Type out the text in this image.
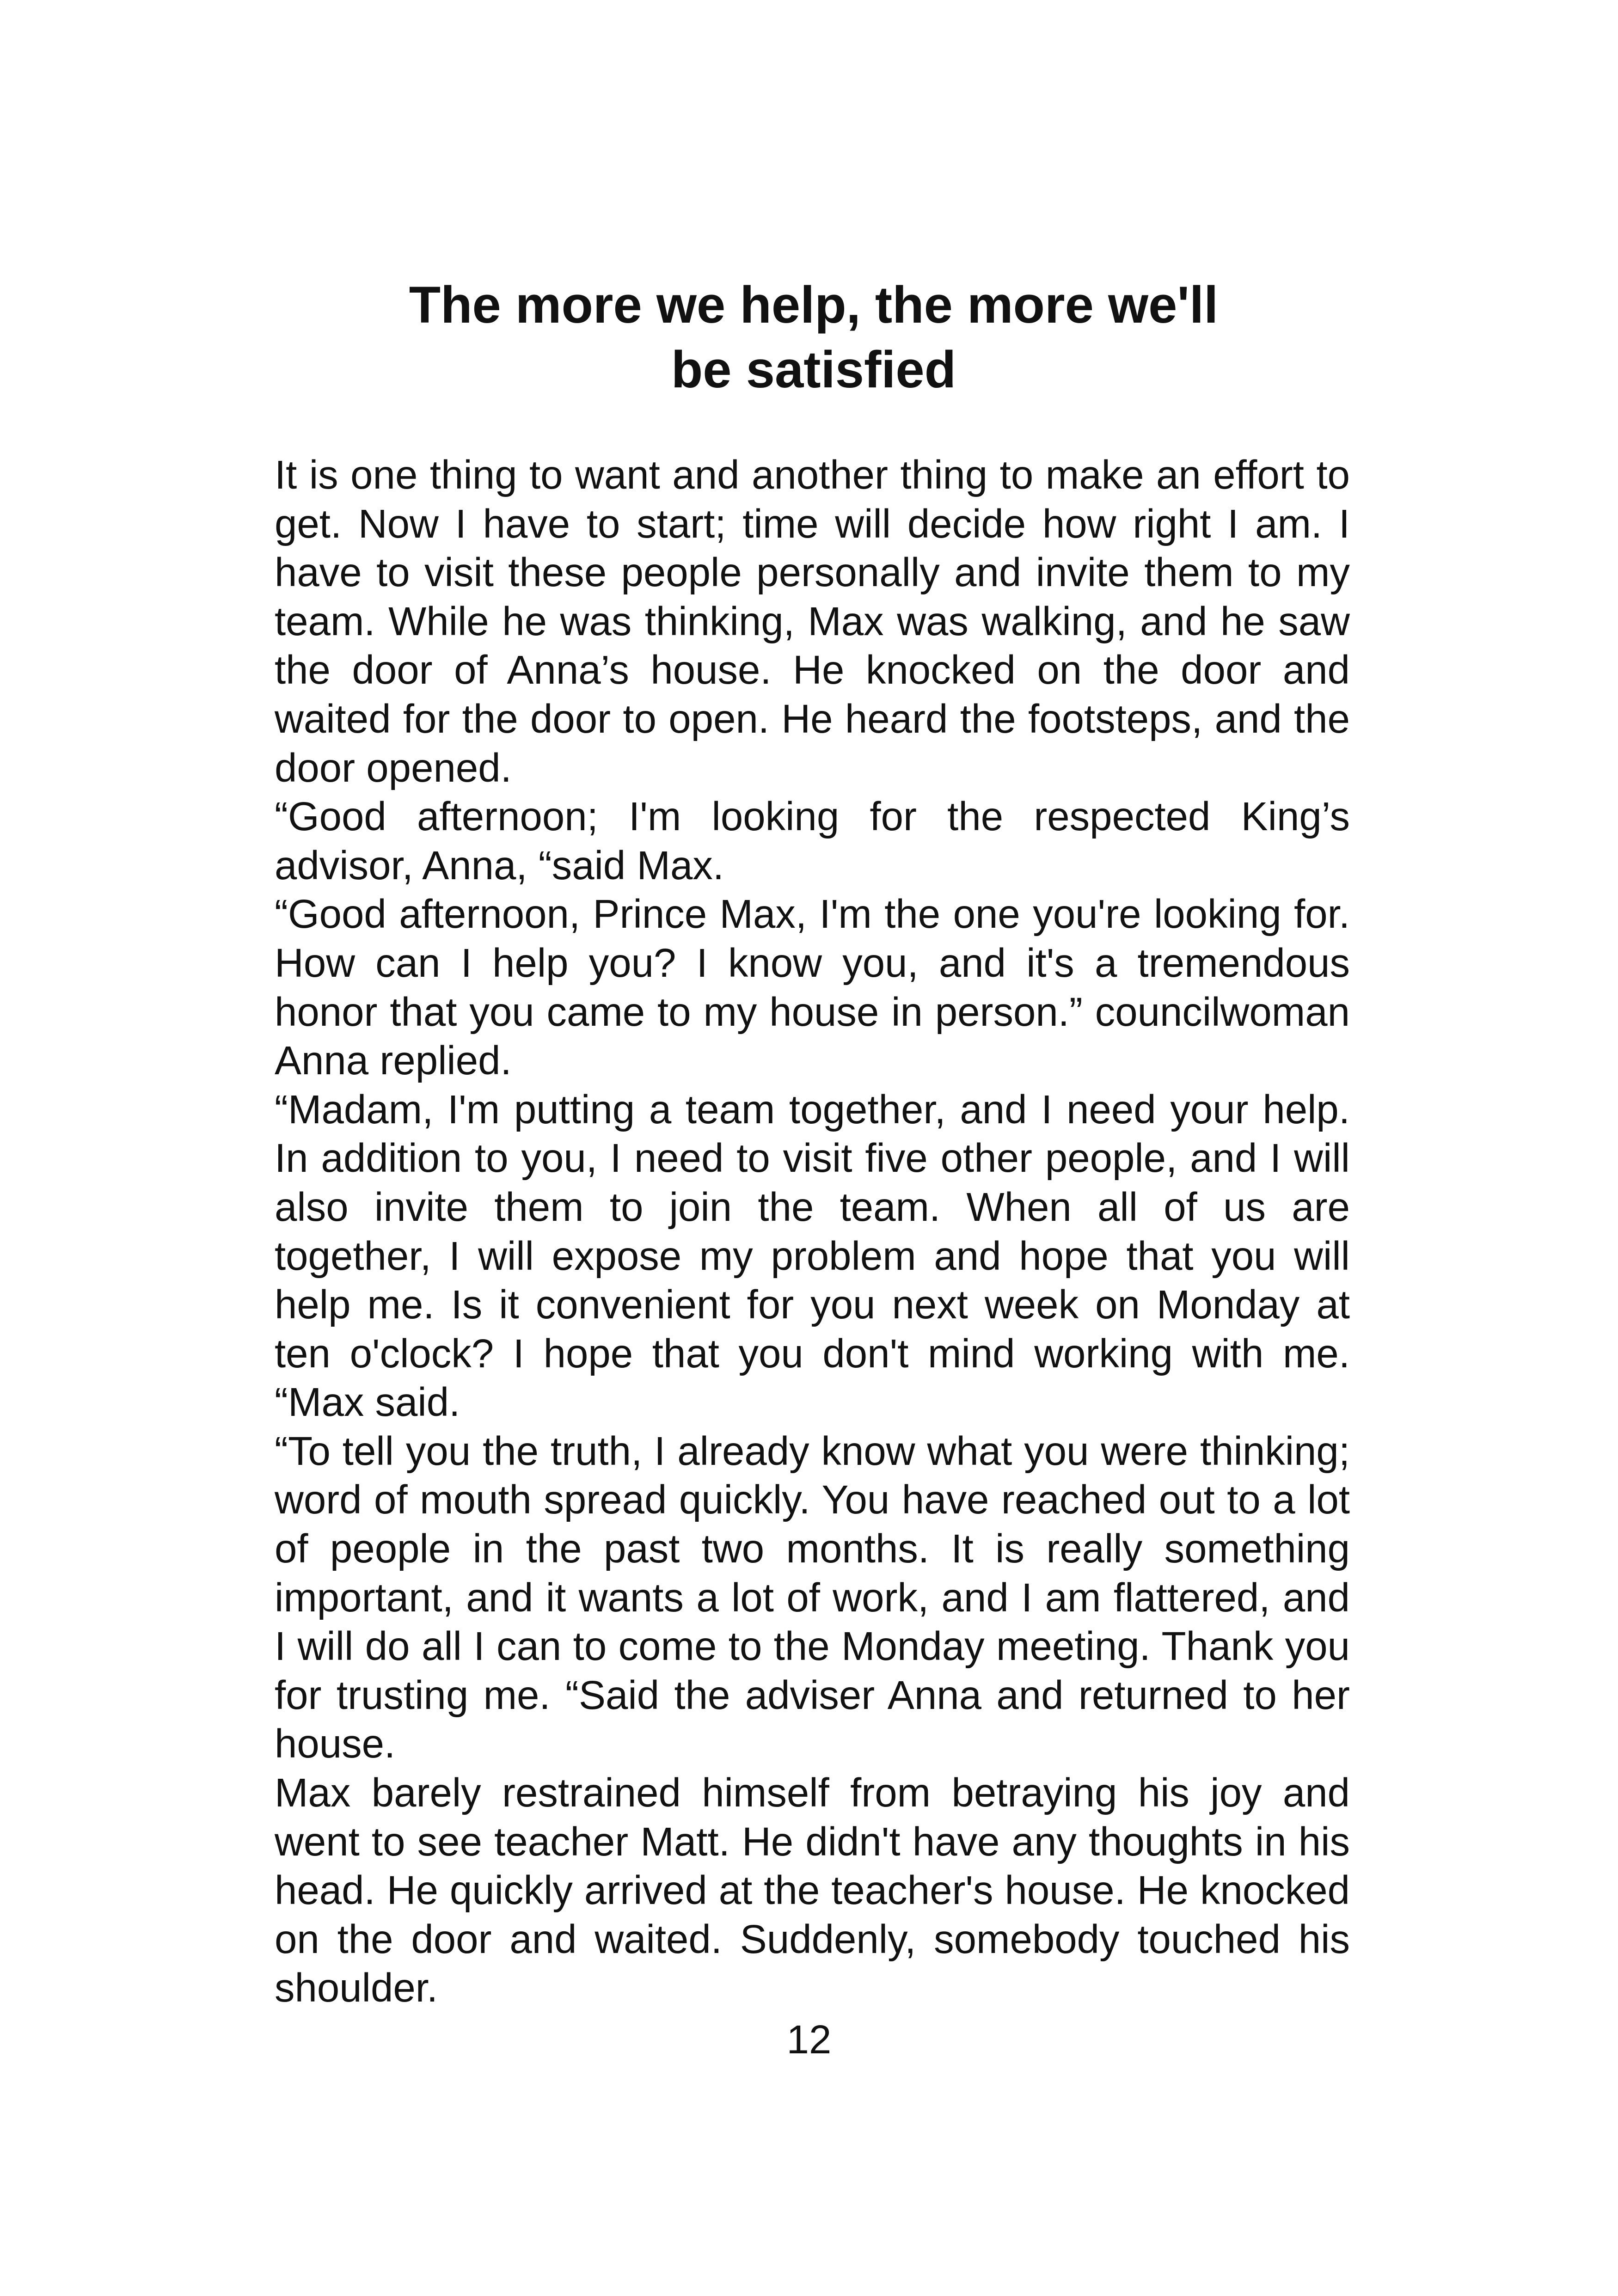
The more we help, the more we'll
be satisfied

It is one thing to want and another thing to make an effort to get. Now I have to start; time will decide how right I am. I have to visit these people personally and invite them to my team. While he was thinking, Max was walking, and he saw the door of Anna’s house. He knocked on the door and waited for the door to open. He heard the footsteps, and the door opened.

“Good afternoon; I'm looking for the respected King’s advisor, Anna, “said Max.

“Good afternoon, Prince Max, I'm the one you're looking for. How can I help you? I know you, and it's a tremendous honor that you came to my house in person.” councilwoman Anna replied.

“Madam, I'm putting a team together, and I need your help. In addition to you, I need to visit five other people, and I will also invite them to join the team. When all of us are together, I will expose my problem and hope that you will help me. Is it convenient for you next week on Monday at ten o'clock? I hope that you don't mind working with me. “Max said.

“To tell you the truth, I already know what you were thinking; word of mouth spread quickly. You have reached out to a lot of people in the past two months. It is really something important, and it wants a lot of work, and I am flattered, and I will do all I can to come to the Monday meeting. Thank you for trusting me. “Said the adviser Anna and returned to her house.

Max barely restrained himself from betraying his joy and went to see teacher Matt. He didn't have any thoughts in his head. He quickly arrived at the teacher's house. He knocked on the door and waited. Suddenly, somebody touched his shoulder.

12
